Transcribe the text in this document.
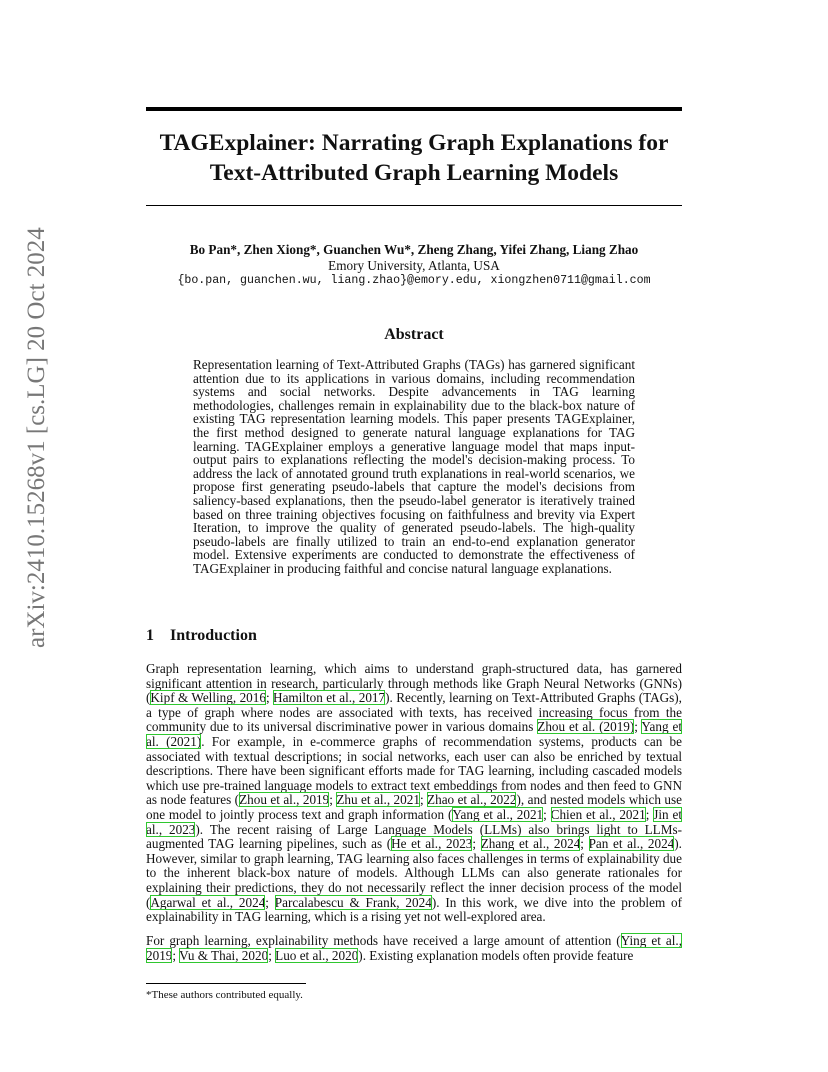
arXiv:2410.15268v1 [cs.LG] 20 Oct 2024
TAGExplainer: Narrating Graph Explanations for
Text-Attributed Graph Learning Models
Bo Pan*, Zhen Xiong*, Guanchen Wu*, Zheng Zhang, Yifei Zhang, Liang Zhao
Emory University, Atlanta, USA
{bo.pan, guanchen.wu, liang.zhao}@emory.edu, xiongzhen0711@gmail.com
Abstract
Representation learning of Text-Attributed Graphs (TAGs) has garnered significant attention due to its applications in various domains, including recommendation systems and social networks. Despite advancements in TAG learning methodologies, challenges remain in explainability due to the black-box nature of existing TAG representation learning models. This paper presents TAGExplainer, the first method designed to generate natural language explanations for TAG learning. TAGExplainer employs a generative language model that maps input-output pairs to explanations reflecting the model's decision-making process. To address the lack of annotated ground truth explanations in real-world scenarios, we propose first generating pseudo-labels that capture the model's decisions from saliency-based explanations, then the pseudo-label generator is iteratively trained based on three training objectives focusing on faithfulness and brevity via Expert Iteration, to improve the quality of generated pseudo-labels. The high-quality pseudo-labels are finally utilized to train an end-to-end explanation generator model. Extensive experiments are conducted to demonstrate the effectiveness of TAGExplainer in producing faithful and concise natural language explanations.
1 Introduction
Graph representation learning, which aims to understand graph-structured data, has garnered significant attention in research, particularly through methods like Graph Neural Networks (GNNs) (Kipf & Welling, 2016; Hamilton et al., 2017). Recently, learning on Text-Attributed Graphs (TAGs), a type of graph where nodes are associated with texts, has received increasing focus from the community due to its universal discriminative power in various domains Zhou et al. (2019); Yang et al. (2021). For example, in e-commerce graphs of recommendation systems, products can be associated with textual descriptions; in social networks, each user can also be enriched by textual descriptions. There have been significant efforts made for TAG learning, including cascaded models which use pre-trained language models to extract text embeddings from nodes and then feed to GNN as node features (Zhou et al., 2019; Zhu et al., 2021; Zhao et al., 2022), and nested models which use one model to jointly process text and graph information (Yang et al., 2021; Chien et al., 2021; Jin et al., 2023). The recent raising of Large Language Models (LLMs) also brings light to LLMs-augmented TAG learning pipelines, such as (He et al., 2023; Zhang et al., 2024; Pan et al., 2024). However, similar to graph learning, TAG learning also faces challenges in terms of explainability due to the inherent black-box nature of models. Although LLMs can also generate rationales for explaining their predictions, they do not necessarily reflect the inner decision process of the model (Agarwal et al., 2024; Parcalabescu & Frank, 2024). In this work, we dive into the problem of explainability in TAG learning, which is a rising yet not well-explored area.
For graph learning, explainability methods have received a large amount of attention (Ying et al., 2019; Vu & Thai, 2020; Luo et al., 2020). Existing explanation models often provide feature
*These authors contributed equally.
